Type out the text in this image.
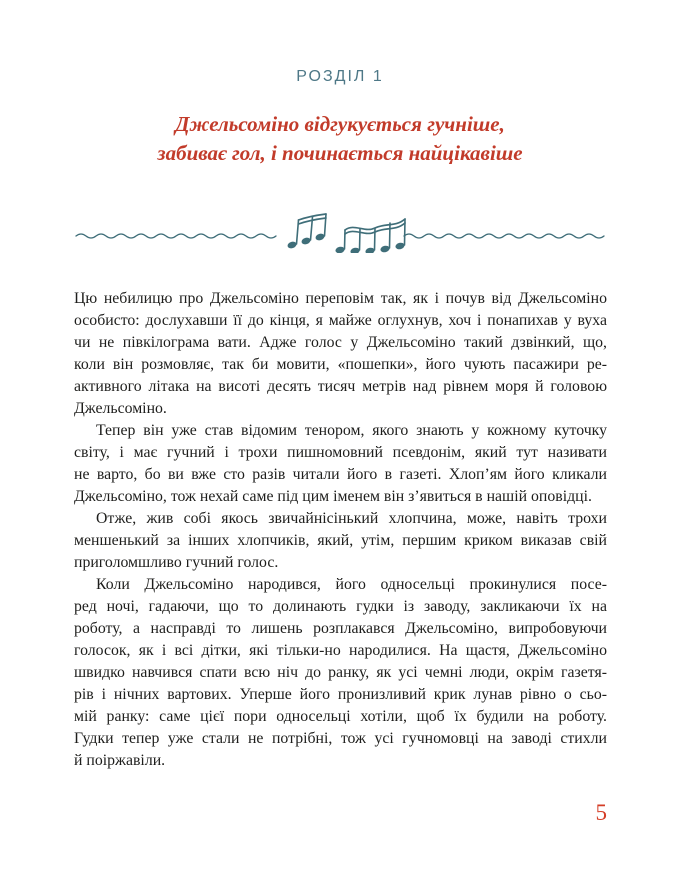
РОЗДІЛ 1
Джельсоміно відгукується гучніше,
забиває гол, і починається найцікавіше
Цю небилицю про Джельсоміно переповім так, як і почув від Джельсоміно
особисто: дослухавши її до кінця, я майже оглухнув, хоч і понапихав у вуха
чи не півкілограма вати. Адже голос у Джельсоміно такий дзвінкий, що,
коли він розмовляє, так би мовити, «пошепки», його чують пасажири ре-
активного літака на висоті десять тисяч метрів над рівнем моря й головою
Джельсоміно.
Тепер він уже став відомим тенором, якого знають у кожному куточку
світу, і має гучний і трохи пишномовний псевдонім, який тут називати
не варто, бо ви вже сто разів читали його в газеті. Хлоп’ям його кликали
Джельсоміно, тож нехай саме під цим іменем він з’явиться в нашій оповідці.
Отже, жив собі якось звичайнісінький хлопчина, може, навіть трохи
меншенький за інших хлопчиків, який, утім, першим криком виказав свій
приголомшливо гучний голос.
Коли Джельсоміно народився, його односельці прокинулися посе-
ред ночі, гадаючи, що то долинають гудки із заводу, закликаючи їх на
роботу, а насправді то лишень розплакався Джельсоміно, випробовуючи
голосок, як і всі дітки, які тільки-но народилися. На щастя, Джельсоміно
швидко навчився спати всю ніч до ранку, як усі чемні люди, окрім газетя-
рів і нічних вартових. Уперше його пронизливий крик лунав рівно о сьо-
мій ранку: саме цієї пори односельці хотіли, щоб їх будили на роботу.
Гудки тепер уже стали не потрібні, тож усі гучномовці на заводі стихли
й поіржавіли.
5
